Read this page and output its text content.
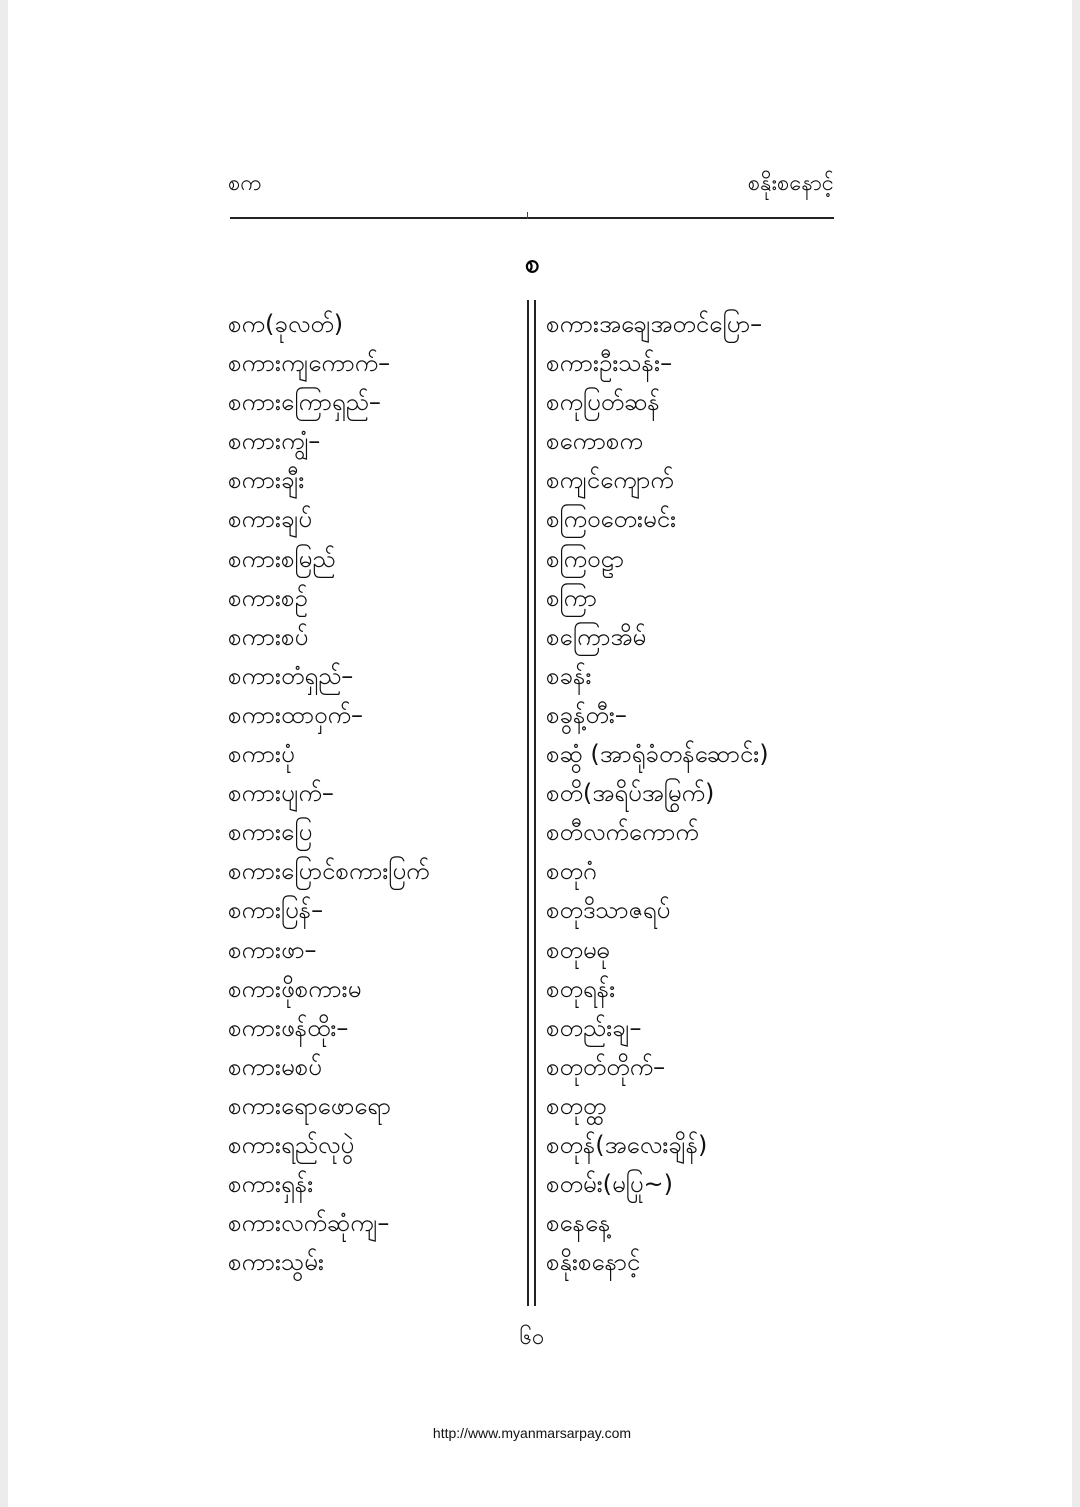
စက	စနိုးစနောင့်
စ
စက(ခုလတ်)
စကားကျကောက်–
စကားကြောရှည်–
စကားကျွံ–
စကားချီး
စကားချပ်
စကားစမြည်
စကားစဉ်
စကားစပ်
စကားတံရှည်–
စကားထာဝှက်–
စကားပုံ
စကားပျက်–
စကားပြေ
စကားပြောင်စကားပြက်
စကားပြန်–
စကားဖာ–
စကားဖိုစကားမ
စကားဖန်ထိုး–
စကားမစပ်
စကားရောဖောရော
စကားရည်လုပွဲ
စကားရှန်း
စကားလက်ဆုံကျ–
စကားသွမ်း
စကားအချေအတင်ပြော–
စကားဦးသန်း–
စကုပြတ်ဆန်
စကောစက
စကျင်ကျောက်
စကြဝတေးမင်း
စကြဝဠာ
စကြာ
စကြောအိမ်
စခန်း
စခွန့်တီး–
စဆွံ (အာရုံခံတန်ဆောင်း)
စတိ(အရိပ်အမြွက်)
စတီလက်ကောက်
စတုဂံ
စတုဒိသာဇရပ်
စတုမဓု
စတုရန်း
စတည်းချ–
စတုတ်တိုက်–
စတုတ္ထ
စတုန်(အလေးချိန်)
စတမ်း(မပြု~)
စနေနေ့
စနိုးစနောင့်
၆၀
http://www.myanmarsarpay.com
